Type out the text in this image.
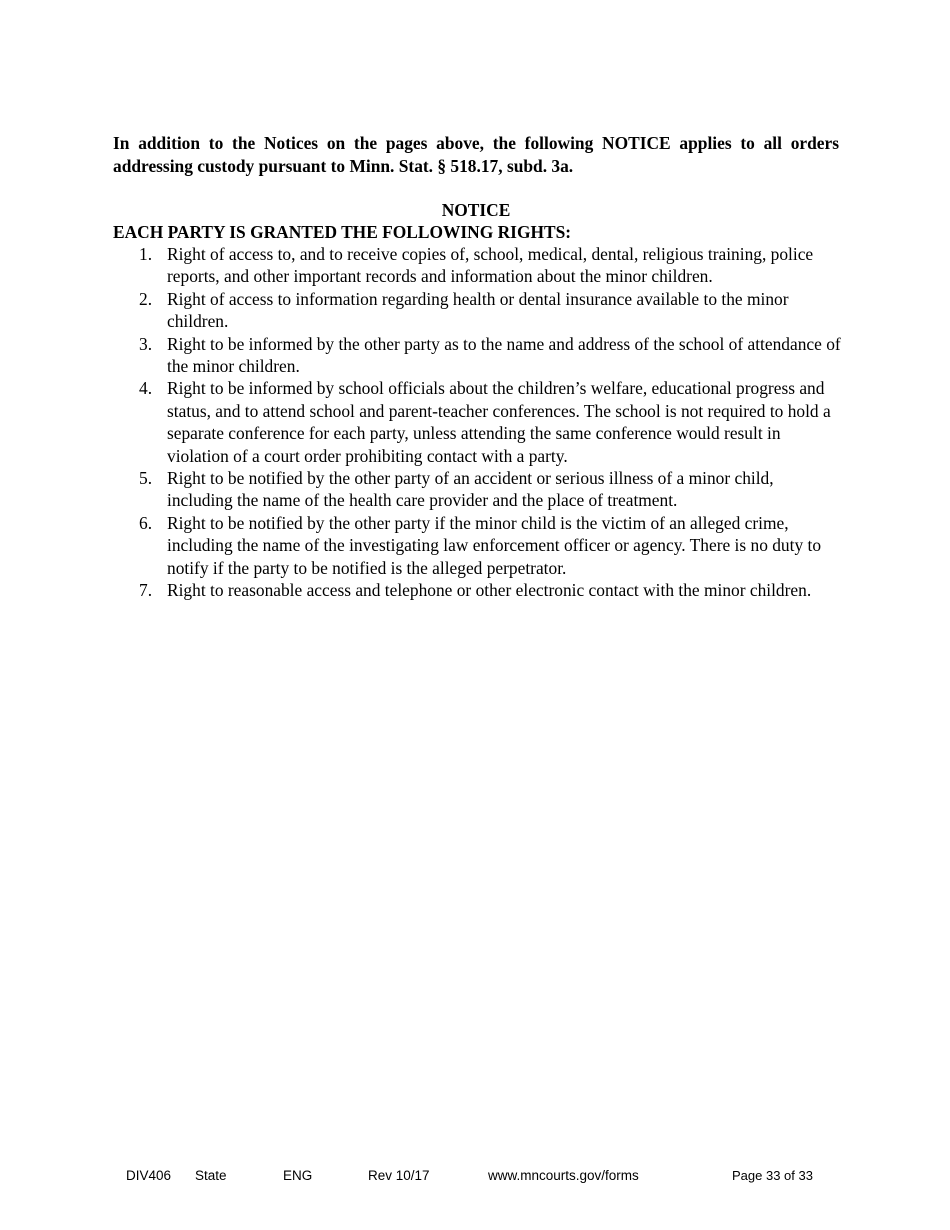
In addition to the Notices on the pages above, the following NOTICE applies to all orders addressing custody pursuant to Minn. Stat. § 518.17, subd. 3a.

NOTICE

EACH PARTY IS GRANTED THE FOLLOWING RIGHTS:

1. Right of access to, and to receive copies of, school, medical, dental, religious training, police reports, and other important records and information about the minor children.
2. Right of access to information regarding health or dental insurance available to the minor children.
3. Right to be informed by the other party as to the name and address of the school of attendance of the minor children.
4. Right to be informed by school officials about the children’s welfare, educational progress and status, and to attend school and parent-teacher conferences. The school is not required to hold a separate conference for each party, unless attending the same conference would result in violation of a court order prohibiting contact with a party.
5. Right to be notified by the other party of an accident or serious illness of a minor child, including the name of the health care provider and the place of treatment.
6. Right to be notified by the other party if the minor child is the victim of an alleged crime, including the name of the investigating law enforcement officer or agency. There is no duty to notify if the party to be notified is the alleged perpetrator.
7. Right to reasonable access and telephone or other electronic contact with the minor children.
DIV406 State	ENG	Rev 10/17	www.mncourts.gov/forms	Page 33 of 33
